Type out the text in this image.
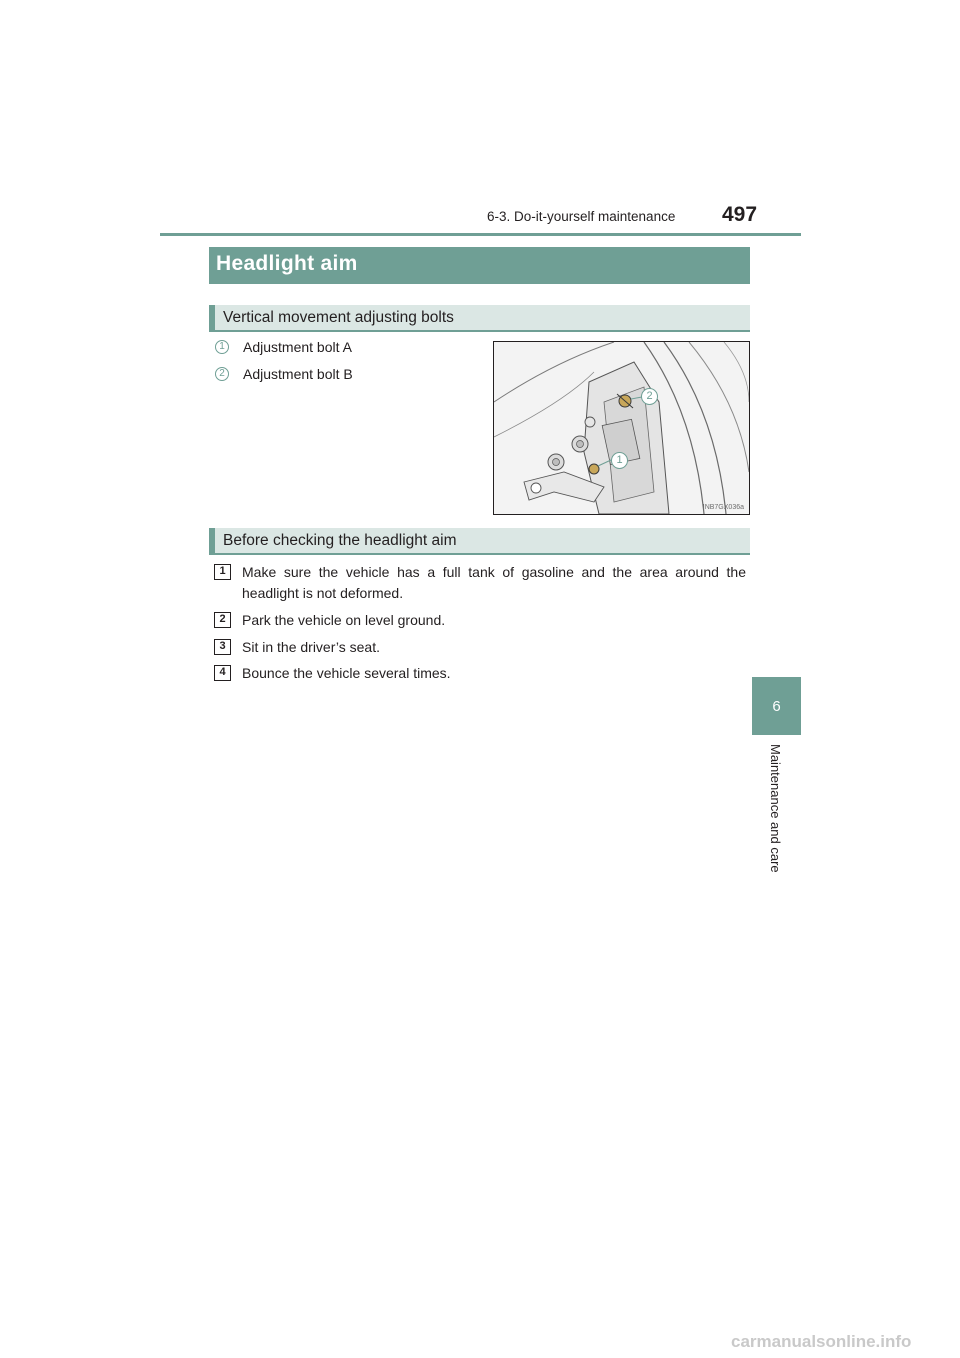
6-3. Do-it-yourself maintenance 497
6
Maintenance and care
Headlight aim
Vertical movement adjusting bolts
1	Adjustment bolt A
2	Adjustment bolt B
1
2
INB7GX036a
Before checking the headlight aim
1	Make sure the vehicle has a full tank of gasoline and the area around the headlight is not deformed.
2	Park the vehicle on level ground.
3	Sit in the driver’s seat.
4	Bounce the vehicle several times.
carmanualsonline.info
